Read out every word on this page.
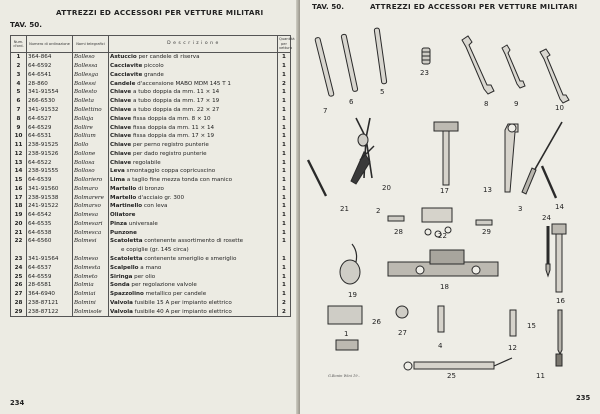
ATTREZZI ED ACCESSORI PER VETTURE MILITARI
TAV. 50.
Num. d'ord.	Numero di ordinazione	Nomi telegrafici	D e s c r i z i o n e	Quantità per vettura
1	364-864	Bolleso	Astuccio per candele di riserva	1
2	64-6592	Bollessa	Cacciavite piccolo	1
3	64-6541	Bollesga	Cacciavite grande	1
4	28-860	Bollessi	Candele d'accensione MABO MDM 145 T 1	2
5	341-91554	Bollesto	Chiave a tubo doppia da mm. 11 × 14	1
6	266-6530	Bolleta	Chiave a tubo doppia da mm. 17 × 19	1
7	341-91532	Bollettino	Chiave a tubo doppia da mm. 22 × 27	1
8	64-6527	Bollaja	Chiave fissa doppia da mm. 8 × 10	1
9	64-6529	Bollire	Chiave fissa doppia da mm. 11 × 14	1
10	64-6531	Bollium	Chiave fissa doppia da mm. 17 × 19	1
11	238-91525	Bollo	Chiave per perno registro punterie	1
12	238-91526	Bollone	Chiave per dado registro punterie	1
13	64-6522	Bollosa	Chiave regolabile	1
14	238-91555	Bolloso	Leva smontaggio coppa copricuscino	1
15	64-6539	Bolloriero	Lima a taglio fine mezza tonda con manico	1
16	341-91560	Bolmaro	Martello di bronzo	1
17	238-91538	Bolmarere	Martello d'acciaio gr. 300	1
18	241-91522	Bolmarso	Martinello con leva	1
19	64-6542	Bolmesa	Oliatore	1
20	64-6535	Bolmesari	Pinza universale	1
21	64-6538	Bolmesca	Punzone	1
22	64-6560	Bolmesi	Scatoletta contenente assortimento di rosette	1
			e copiglie (gr. 145 circa)	
23	341-91564	Bolmeso	Scatoletta contenente smeriglio e smeriglio	1
24	64-6537	Bolmesta	Scalpello a mano	1
25	64-6559	Bolmeto	Siringa per olio	1
26	28-6581	Bolmia	Sonda per regolazione valvole	1
27	364-6940	Bolmiai	Spazzolino metallico per candele	1
28	238-87121	Bolmini	Valvola fusibile 15 A per impianto elettrico	2
29	238-87122	Bolmisole	Valvola fusibile 40 A per impianto elettrico	2
234
TAV. 50.	ATTREZZI ED ACCESSORI PER VETTURE MILITARI
7
6
5
23
8	9	10
20	17	13
3
21	2	14
28	22	29
24
19
18
16
26
27
4	12
1
15
11
25
G.Bonin Wini 19..
235
